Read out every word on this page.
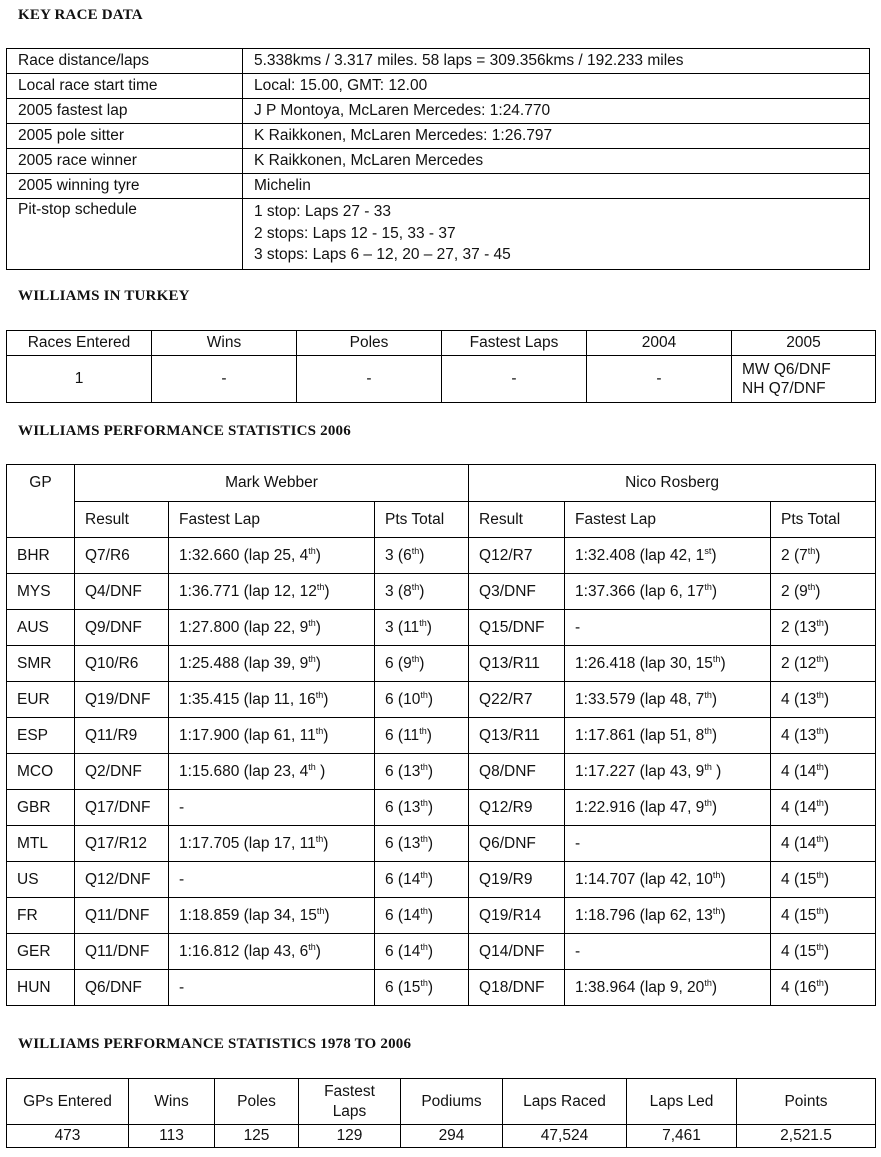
KEY RACE DATA
Race distance/laps	5.338kms / 3.317 miles. 58 laps = 309.356kms / 192.233 miles
Local race start time	Local: 15.00, GMT: 12.00
2005 fastest lap	J P Montoya, McLaren Mercedes: 1:24.770
2005 pole sitter	K Raikkonen, McLaren Mercedes: 1:26.797
2005 race winner	K Raikkonen, McLaren Mercedes
2005 winning tyre	Michelin
Pit-stop schedule	1 stop: Laps 27 - 33
2 stops: Laps 12 - 15, 33 - 37
3 stops: Laps 6 – 12, 20 – 27, 37 - 45
WILLIAMS IN TURKEY
Races Entered	Wins	Poles	Fastest Laps	2004	2005
1	-	-	-	-	MW Q6/DNF
NH Q7/DNF
WILLIAMS PERFORMANCE STATISTICS 2006
GP	Mark Webber			Nico Rosberg		
	Result	Fastest Lap	Pts Total	Result	Fastest Lap	Pts Total
BHR	Q7/R6	1:32.660 (lap 25, 4th)	3 (6th)	Q12/R7	1:32.408 (lap 42, 1st)	2 (7th)
MYS	Q4/DNF	1:36.771 (lap 12, 12th)	3 (8th)	Q3/DNF	1:37.366 (lap 6, 17th)	2 (9th)
AUS	Q9/DNF	1:27.800 (lap 22, 9th)	3 (11th)	Q15/DNF	-	2 (13th)
SMR	Q10/R6	1:25.488 (lap 39, 9th)	6 (9th)	Q13/R11	1:26.418 (lap 30, 15th)	2 (12th)
EUR	Q19/DNF	1:35.415 (lap 11, 16th)	6 (10th)	Q22/R7	1:33.579 (lap 48, 7th)	4 (13th)
ESP	Q11/R9	1:17.900 (lap 61, 11th)	6 (11th)	Q13/R11	1:17.861 (lap 51, 8th)	4 (13th)
MCO	Q2/DNF	1:15.680 (lap 23, 4th )	6 (13th)	Q8/DNF	1:17.227 (lap 43, 9th )	4 (14th)
GBR	Q17/DNF	-	6 (13th)	Q12/R9	1:22.916 (lap 47, 9th)	4 (14th)
MTL	Q17/R12	1:17.705 (lap 17, 11th)	6 (13th)	Q6/DNF	-	4 (14th)
US	Q12/DNF	-	6 (14th)	Q19/R9	1:14.707 (lap 42, 10th)	4 (15th)
FR	Q11/DNF	1:18.859 (lap 34, 15th)	6 (14th)	Q19/R14	1:18.796 (lap 62, 13th)	4 (15th)
GER	Q11/DNF	1:16.812 (lap 43, 6th)	6 (14th)	Q14/DNF	-	4 (15th)
HUN	Q6/DNF	-	6 (15th)	Q18/DNF	1:38.964 (lap 9, 20th)	4 (16th)
WILLIAMS PERFORMANCE STATISTICS 1978 TO 2006
GPs Entered	Wins	Poles	Fastest Laps	Podiums	Laps Raced	Laps Led	Points
473	113	125	129	294	47,524	7,461	2,521.5
